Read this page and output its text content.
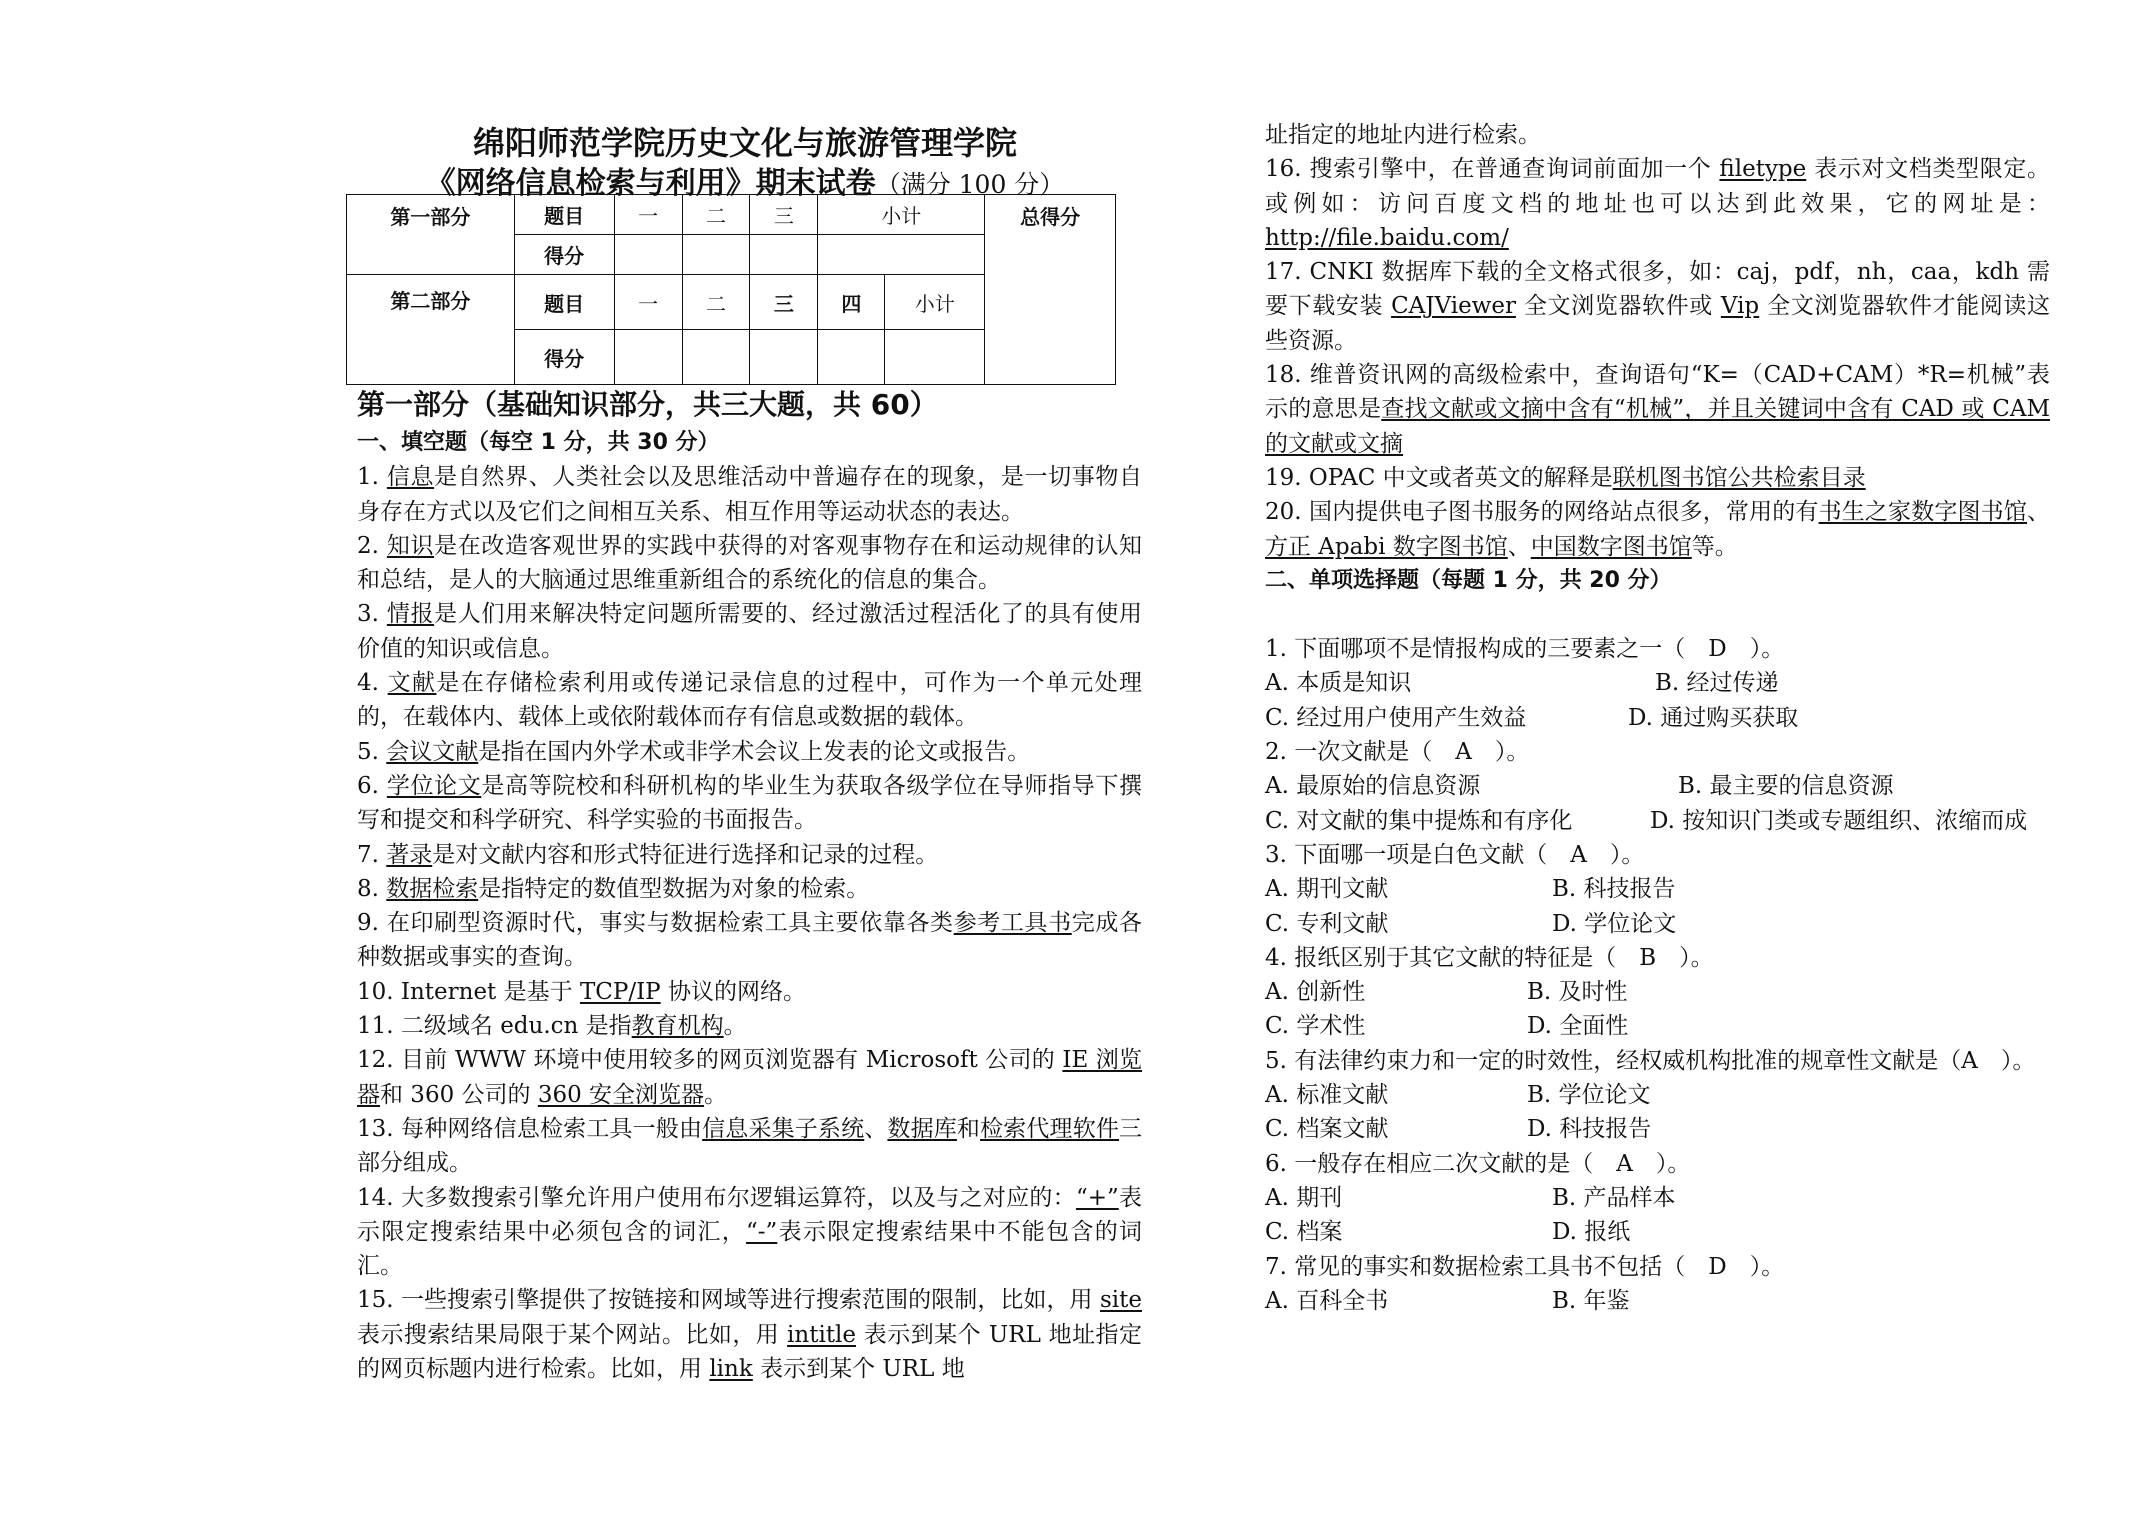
绵阳师范学院历史文化与旅游管理学院
《网络信息检索与利用》期末试卷（满分 100 分）
第一部分	题目	一	二	三	小计		总得分
	得分						
第二部分	题目	一	二	三	四	小计	
	得分						
第一部分（基础知识部分，共三大题，共 60）
一、填空题（每空 1 分，共 30 分）

1. 信息是自然界、人类社会以及思维活动中普遍存在的现象，是一切事物自身存在方式以及它们之间相互关系、相互作用等运动状态的表达。

2. 知识是在改造客观世界的实践中获得的对客观事物存在和运动规律的认知和总结，是人的大脑通过思维重新组合的系统化的信息的集合。

3. 情报是人们用来解决特定问题所需要的、经过激活过程活化了的具有使用价值的知识或信息。

4. 文献是在存储检索利用或传递记录信息的过程中，可作为一个单元处理的，在载体内、载体上或依附载体而存有信息或数据的载体。

5. 会议文献是指在国内外学术或非学术会议上发表的论文或报告。

6. 学位论文是高等院校和科研机构的毕业生为获取各级学位在导师指导下撰写和提交和科学研究、科学实验的书面报告。

7. 著录是对文献内容和形式特征进行选择和记录的过程。

8. 数据检索是指特定的数值型数据为对象的检索。

9. 在印刷型资源时代，事实与数据检索工具主要依靠各类参考工具书完成各种数据或事实的查询。

10. Internet 是基于 TCP/IP 协议的网络。

11. 二级域名 edu.cn 是指教育机构。

12. 目前 WWW 环境中使用较多的网页浏览器有 Microsoft 公司的 IE 浏览器和 360 公司的 360 安全浏览器。

13. 每种网络信息检索工具一般由信息采集子系统、数据库和检索代理软件三部分组成。

14. 大多数搜索引擎允许用户使用布尔逻辑运算符，以及与之对应的：“+”表示限定搜索结果中必须包含的词汇，“-”表示限定搜索结果中不能包含的词汇。

15. 一些搜索引擎提供了按链接和网域等进行搜索范围的限制，比如，用 site 表示搜索结果局限于某个网站。比如，用 intitle 表示到某个 URL 地址指定的网页标题内进行检索。比如，用 link 表示到某个 URL 地

址指定的地址内进行检索。

16. 搜索引擎中，在普通查询词前面加一个 filetype 表示对文档类型限定。或例如：访问百度文档的地址也可以达到此效果，它的网址是：http://file.baidu.com/

17. CNKI 数据库下载的全文格式很多，如：caj，pdf，nh，caa，kdh 需要下载安装 CAJViewer 全文浏览器软件或 Vip 全文浏览器软件才能阅读这些资源。

18. 维普资讯网的高级检索中，查询语句“K=（CAD+CAM）*R=机械”表示的意思是查找文献或文摘中含有“机械”，并且关键词中含有 CAD 或 CAM 的文献或文摘

19. OPAC 中文或者英文的解释是联机图书馆公共检索目录

20. 国内提供电子图书服务的网络站点很多，常用的有书生之家数字图书馆、方正 Apabi 数字图书馆、中国数字图书馆等。

二、单项选择题（每题 1 分，共 20 分）

1. 下面哪项不是情报构成的三要素之一（　D　）。

A. 本质是知识	B. 经过传递
C. 经过用户使用产生效益	D. 通过购买获取

2. 一次文献是（　A　）。

A. 最原始的信息资源	B. 最主要的信息资源

C. 对文献的集中提炼和有序化	D. 按知识门类或专题组织、浓缩而成

3. 下面哪一项是白色文献（　A　）。

A. 期刊文献	B. 科技报告
C. 专利文献	D. 学位论文

4. 报纸区别于其它文献的特征是（　B　）。

A. 创新性	B. 及时性
C. 学术性	D. 全面性

5. 有法律约束力和一定的时效性，经权威机构批准的规章性文献是（A　）。

A. 标准文献	B. 学位论文
C. 档案文献	D. 科技报告

6. 一般存在相应二次文献的是（　A　）。

A. 期刊	B. 产品样本
C. 档案	D. 报纸

7. 常见的事实和数据检索工具书不包括（　D　）。

A. 百科全书	B. 年鉴
